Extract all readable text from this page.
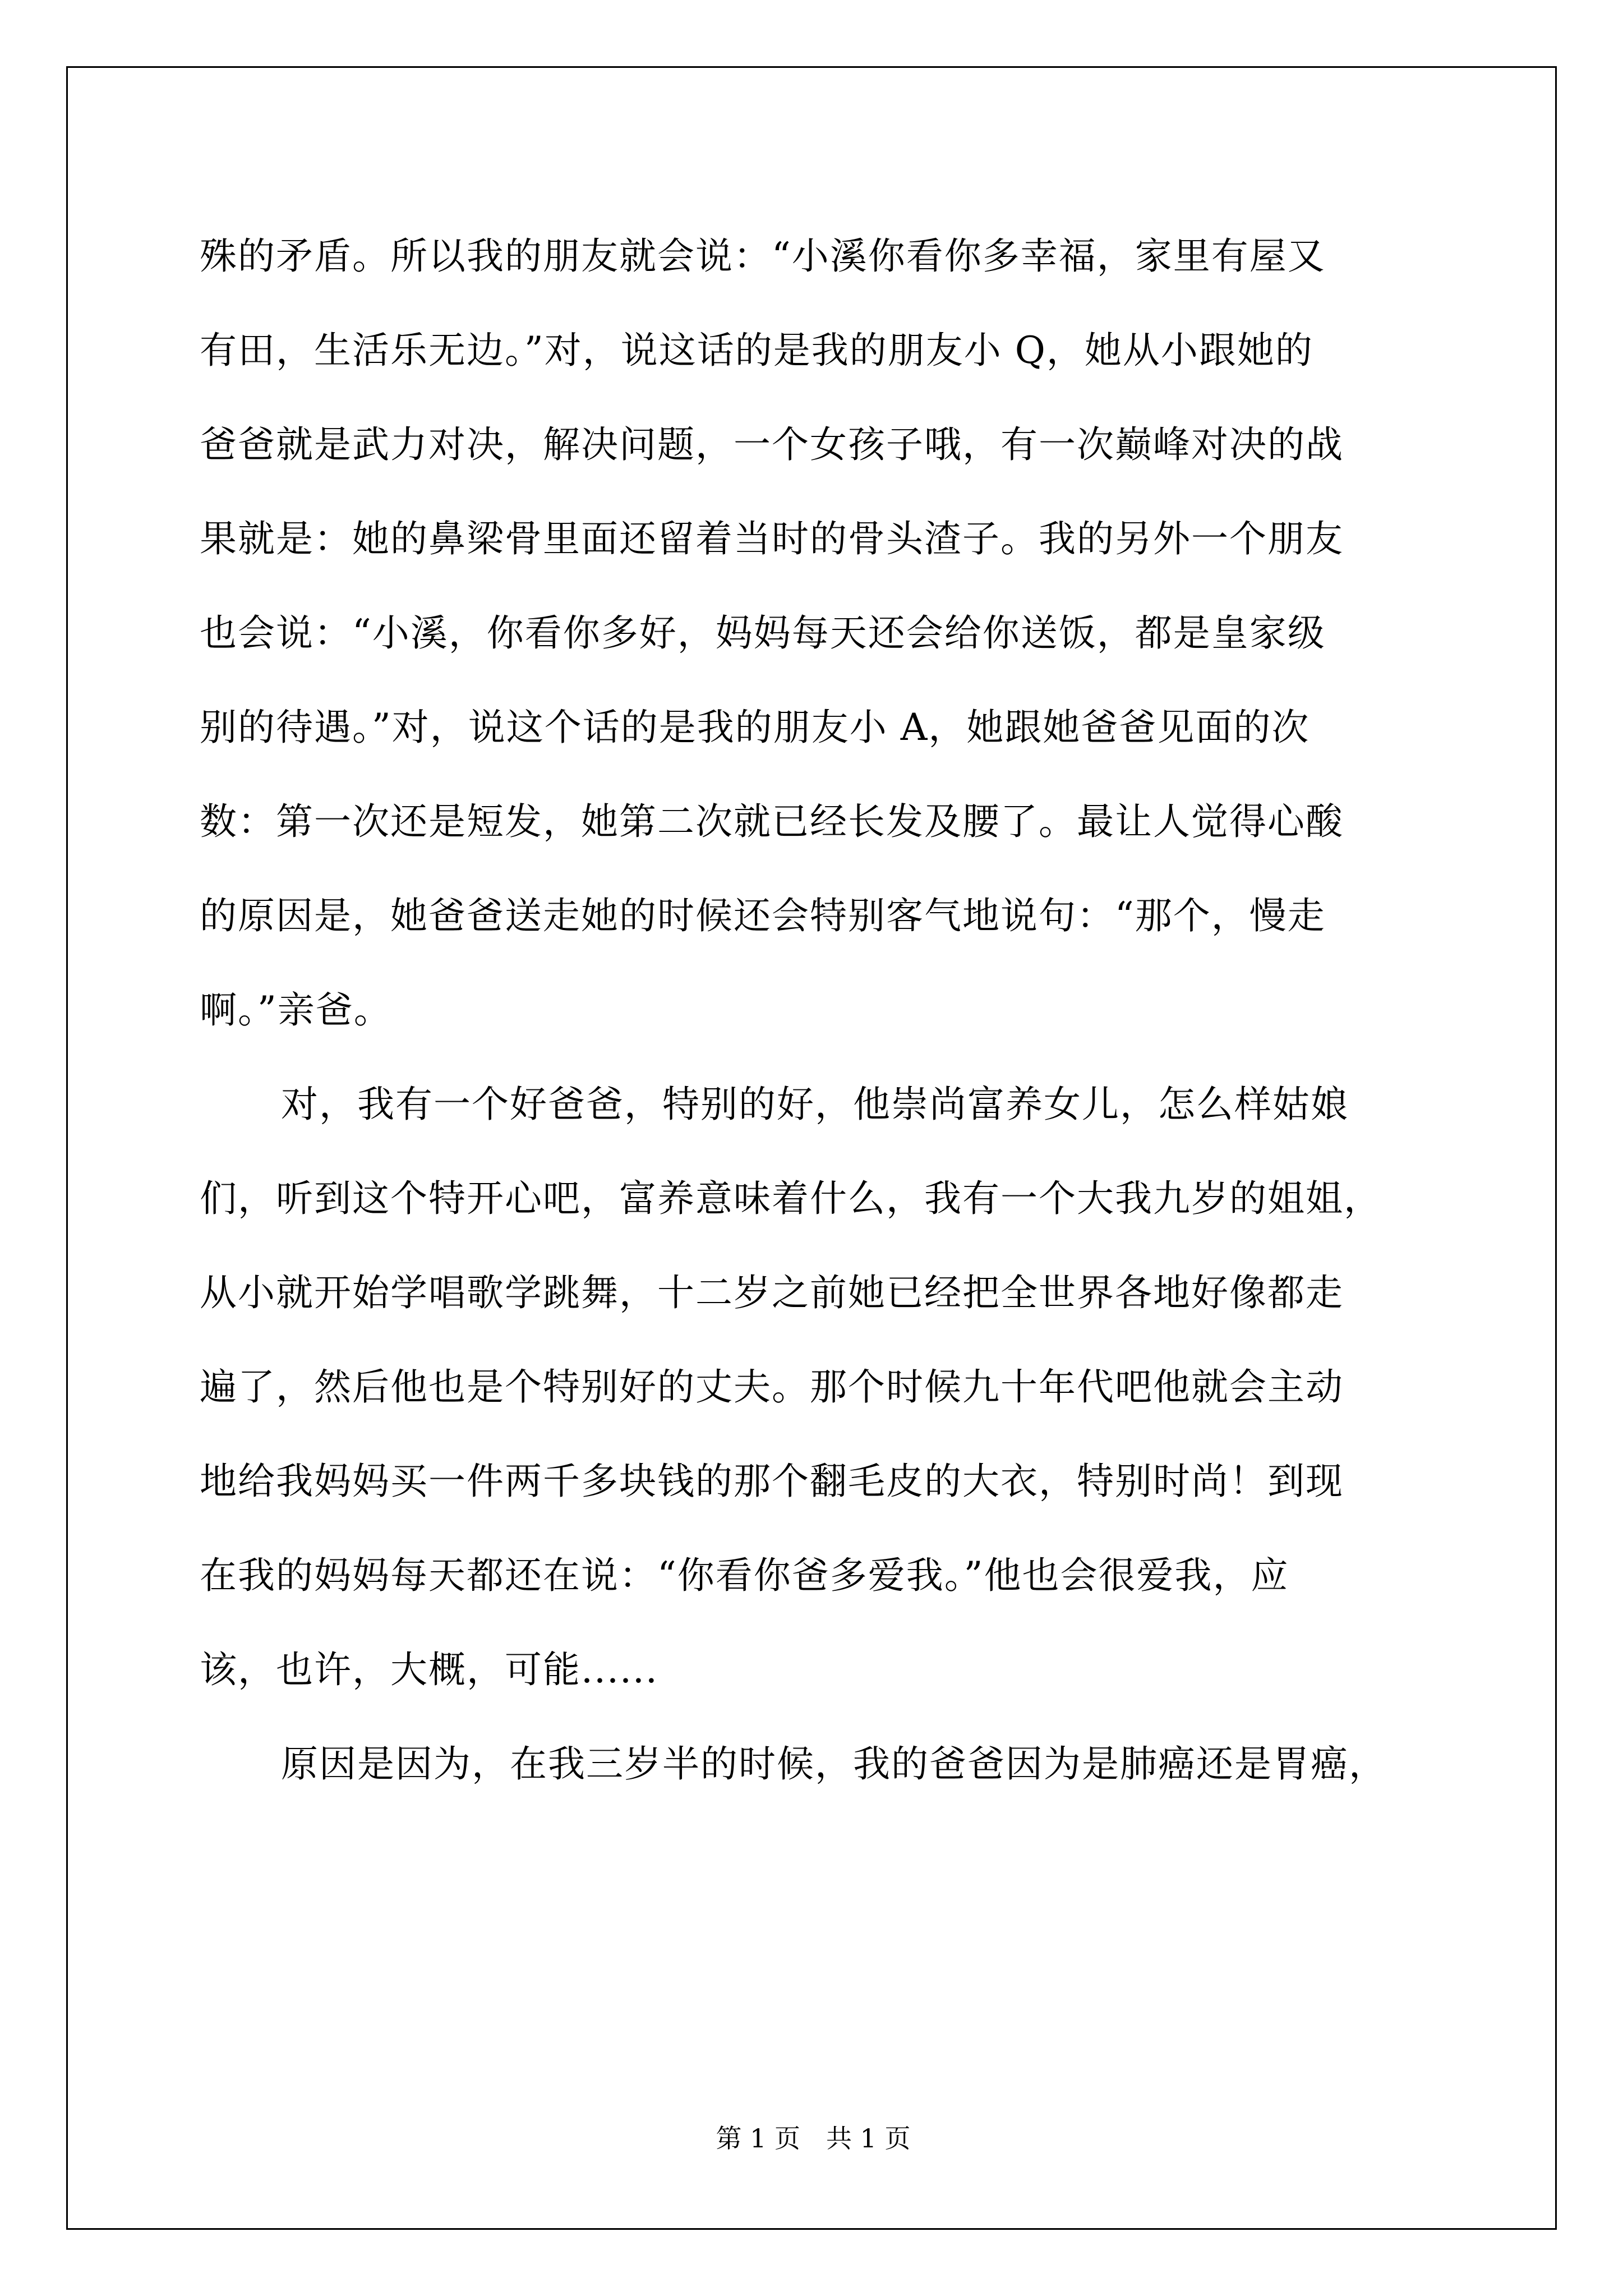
殊的矛盾。所以我的朋友就会说：“小溪你看你多幸福，家里有屋又
有田，生活乐无边。”对，说这话的是我的朋友小 Q，她从小跟她的
爸爸就是武力对决，解决问题，一个女孩子哦，有一次巅峰对决的战
果就是：她的鼻梁骨里面还留着当时的骨头渣子。我的另外一个朋友
也会说：“小溪，你看你多好，妈妈每天还会给你送饭，都是皇家级
别的待遇。”对，说这个话的是我的朋友小 A，她跟她爸爸见面的次
数：第一次还是短发，她第二次就已经长发及腰了。最让人觉得心酸
的原因是，她爸爸送走她的时候还会特别客气地说句：“那个，慢走
啊。”亲爸。
对，我有一个好爸爸，特别的好，他崇尚富养女儿，怎么样姑娘
们，听到这个特开心吧，富养意味着什么，我有一个大我九岁的姐姐，
从小就开始学唱歌学跳舞，十二岁之前她已经把全世界各地好像都走
遍了，然后他也是个特别好的丈夫。那个时候九十年代吧他就会主动
地给我妈妈买一件两千多块钱的那个翻毛皮的大衣，特别时尚！到现
在我的妈妈每天都还在说：“你看你爸多爱我。”他也会很爱我，应
该，也许，大概，可能......
原因是因为，在我三岁半的时候，我的爸爸因为是肺癌还是胃癌，
第 1 页　共 1 页
